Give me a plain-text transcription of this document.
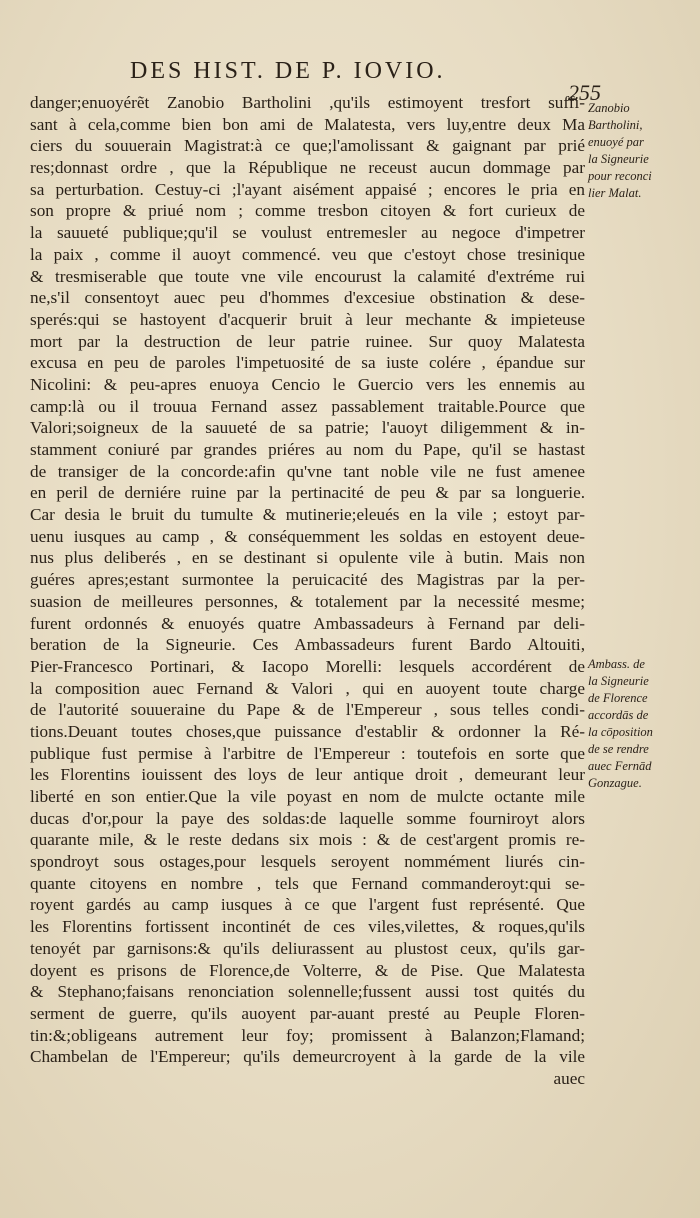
DES HIST. DE P. IOVIO.
255
danger;enuoyérẽt Zanobio Bartholini ,qu'ils estimoyent tresfort suffi-
sant à cela,comme bien bon ami de Malatesta, vers luy,entre deux Ma
ciers du souuerain Magistrat:à ce que;l'amolissant & gaignant par prié
res;donnast ordre , que la République ne receust aucun dommage par
sa perturbation. Cestuy-ci ;l'ayant aisément appaisé ; encores le pria en
son propre & priué nom ; comme tresbon citoyen & fort curieux de
la sauueté publique;qu'il se voulust entremesler au negoce d'impetrer
la paix , comme il auoyt commencé. veu que c'estoyt chose tresinique
& tresmiserable que toute vne vile encourust la calamité d'extréme rui
ne,s'il consentoyt auec peu d'hommes d'excesiue obstination & dese-
sperés:qui se hastoyent d'acquerir bruit à leur mechante & impieteuse
mort par la destruction de leur patrie ruinee. Sur quoy Malatesta
excusa en peu de paroles l'impetuosité de sa iuste colére , épandue sur
Nicolini: & peu-apres enuoya Cencio le Guercio vers les ennemis au
camp:là ou il trouua Fernand assez passablement traitable.Pource que
Valori;soigneux de la sauueté de sa patrie; l'auoyt diligemment & in-
stamment coniuré par grandes priéres au nom du Pape, qu'il se hastast
de transiger de la concorde:afin qu'vne tant noble vile ne fust amenee
en peril de derniére ruine par la pertinacité de peu & par sa longuerie.
Car desia le bruit du tumulte & mutinerie;eleués en la vile ; estoyt par-
uenu iusques au camp , & conséquemment les soldas en estoyent deue-
nus plus deliberés , en se destinant si opulente vile à butin. Mais non
guéres apres;estant surmontee la peruicacité des Magistras par la per-
suasion de meilleures personnes, & totalement par la necessité mesme;
furent ordonnés & enuoyés quatre Ambassadeurs à Fernand par deli-
beration de la Signeurie. Ces Ambassadeurs furent Bardo Altouiti,
Pier-Francesco Portinari, & Iacopo Morelli: lesquels accordérent de
la composition auec Fernand & Valori , qui en auoyent toute charge
de l'autorité souueraine du Pape & de l'Empereur , sous telles condi-
tions.Deuant toutes choses,que puissance d'establir & ordonner la Ré-
publique fust permise à l'arbitre de l'Empereur : toutefois en sorte que
les Florentins iouissent des loys de leur antique droit , demeurant leur
liberté en son entier.Que la vile poyast en nom de mulcte octante mile
ducas d'or,pour la paye des soldas:de laquelle somme fourniroyt alors
quarante mile, & le reste dedans six mois : & de cest'argent promis re-
spondroyt sous ostages,pour lesquels seroyent nommément liurés cin-
quante citoyens en nombre , tels que Fernand commanderoyt:qui se-
royent gardés au camp iusques à ce que l'argent fust représenté. Que
les Florentins fortissent incontinét de ces viles,vilettes, & roques,qu'ils
tenoyét par garnisons:& qu'ils deliurassent au plustost ceux, qu'ils gar-
doyent es prisons de Florence,de Volterre, & de Pise. Que Malatesta
& Stephano;faisans renonciation solennelle;fussent aussi tost quités du
serment de guerre, qu'ils auoyent par-auant presté au Peuple Floren-
tin:&;obligeans autrement leur foy; promissent à Balanzon;Flamand;
Chambelan de l'Empereur; qu'ils demeurcroyent à la garde de la vile
auec
Zanobio
Bartholini,
enuoyé par
la Signeurie
pour reconci
lier Malat.
Ambass. de
la Signeurie
de Florence
accordās de
la cōposition
de se rendre
auec Fernād
Gonzague.
